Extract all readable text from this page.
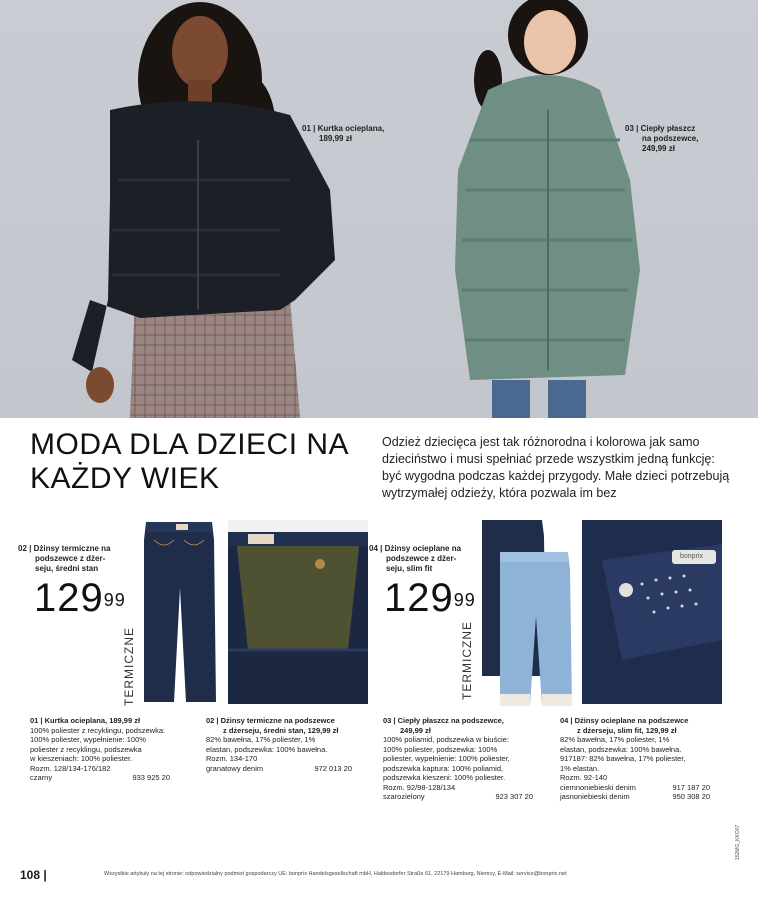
01 | Kurtka ocieplana,
189,99 zł
03 | Ciepły płaszcz
na podszewce,
249,99 zł
MODA DLA DZIECI NA
KAŻDY WIEK
Odzież dziecięca jest tak różnorodna i kolorowa jak samo dzieciństwo i musi spełniać przede wszystkim jedną funkcję: być wygodna podczas każdej przygody. Małe dzieci potrzebują wytrzymałej odzieży, która pozwala im bez
02 | Dżinsy termiczne na
podszewce z dżer-
seju, średni stan
$129^{99}$
TERMICZNE
04 | Dżinsy ocieplane na
podszewce z dżer-
seju, slim fit
$129^{99}$
TERMICZNE
bonprix
01 | Kurtka ocieplana, 189,99 zł
100% poliester z recyklingu, podszewka:
100% poliester, wypełnienie: 100%
poliester z recyklingu, podszewka
w kieszeniach: 100% poliester.
Rozm. 128/134-176/182
czarny	933 925 20
02 | Dżinsy termiczne na podszewce
z dżerseju, średni stan, 129,99 zł
82% bawełna, 17% poliester, 1%
elastan, podszewka: 100% bawełna.
Rozm. 134-170
granatowy denim	972 013 20
03 | Ciepły płaszcz na podszewce,
249,99 zł
100% poliamid, podszewka w biuście:
100% poliester, podszewka: 100%
poliester, wypełnienie: 100% poliester,
podszewka kaptura: 100% poliamid,
podszewka kieszeni: 100% poliester.
Rozm. 92/98-128/134
szarozielony	923 307 20
04 | Dżinsy ocieplane na podszewce
z dżerseju, slim fit, 129,99 zł
82% bawełna, 17% poliester, 1%
elastan, podszewka: 100% bawełna.
917187: 82% bawełna, 17% poliester,
1% elastan.
Rozm. 92-140
ciemnoniebieski denim	917 187 20
jasnoniebieski denim	950 308 20
108 |	Wszystkie artykuły na tej stronie: odpowiedzialny podmiot gospodarczy UE: bonprix Handelsgesellschaft mbH, Haldesdorfer Straße 61, 22179 Hamburg, Niemcy, E-Mail: service@bonprix.net
152MG_KKO07
